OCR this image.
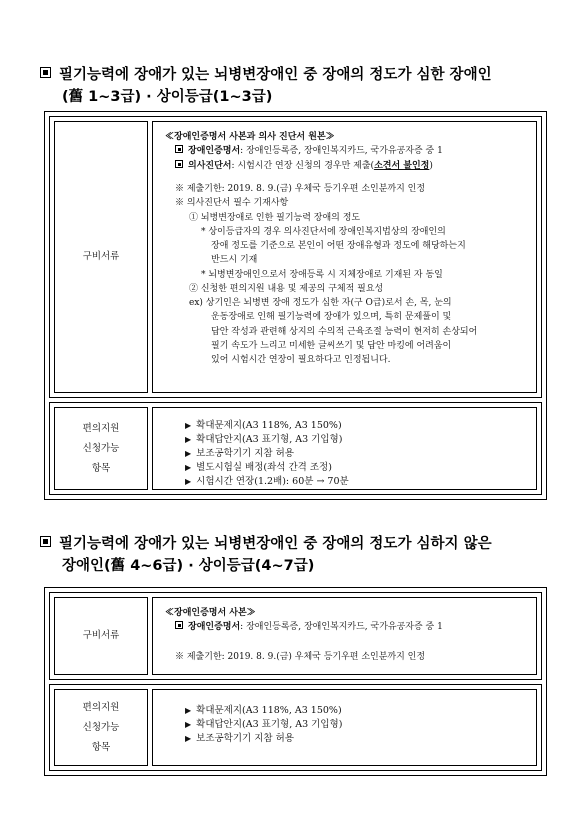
필기능력에 장애가 있는 뇌병변장애인 중 장애의 정도가 심한 장애인
(舊 1~3급) · 상이등급(1~3급)
구비서류
≪장애인증명서 사본과 의사 진단서 원본≫
장애인증명서: 장애인등록증, 장애인복지카드, 국가유공자증 중 1
의사진단서: 시험시간 연장 신청의 경우만 제출(소견서 불인정)
※ 제출기한: 2019. 8. 9.(금) 우체국 등기우편 소인분까지 인정
※ 의사진단서 필수 기재사항
① 뇌병변장애로 인한 필기능력 장애의 정도
* 상이등급자의 경우 의사진단서에 장애인복지법상의 장애인의
장애 정도를 기준으로 본인이 어떤 장애유형과 정도에 해당하는지
반드시 기재
* 뇌병변장애인으로서 장애등록 시 지체장애로 기재된 자 동일
② 신청한 편의지원 내용 및 제공의 구체적 필요성
ex) 상기인은 뇌병변 장애 정도가 심한 자(구 O급)로서 손, 목, 눈의
운동장애로 인해 필기능력에 장애가 있으며, 특히 문제풀이 및
답안 작성과 관련해 상지의 수의적 근육조절 능력이 현저히 손상되어
필기 속도가 느리고 미세한 글씨쓰기 및 답안 마킹에 어려움이
있어 시험시간 연장이 필요하다고 인정됩니다.
편의지원
신청가능
항목
▶ 확대문제지(A3 118%, A3 150%)
▶ 확대답안지(A3 표기형, A3 기입형)
▶ 보조공학기기 지참 허용
▶ 별도시험실 배정(좌석 간격 조정)
▶ 시험시간 연장(1.2배): 60분 → 70분
필기능력에 장애가 있는 뇌병변장애인 중 장애의 정도가 심하지 않은
장애인(舊 4~6급) · 상이등급(4~7급)
구비서류
≪장애인증명서 사본≫
장애인증명서: 장애인등록증, 장애인복지카드, 국가유공자증 중 1
※ 제출기한: 2019. 8. 9.(금) 우체국 등기우편 소인분까지 인정
편의지원
신청가능
항목
▶ 확대문제지(A3 118%, A3 150%)
▶ 확대답안지(A3 표기형, A3 기입형)
▶ 보조공학기기 지참 허용
